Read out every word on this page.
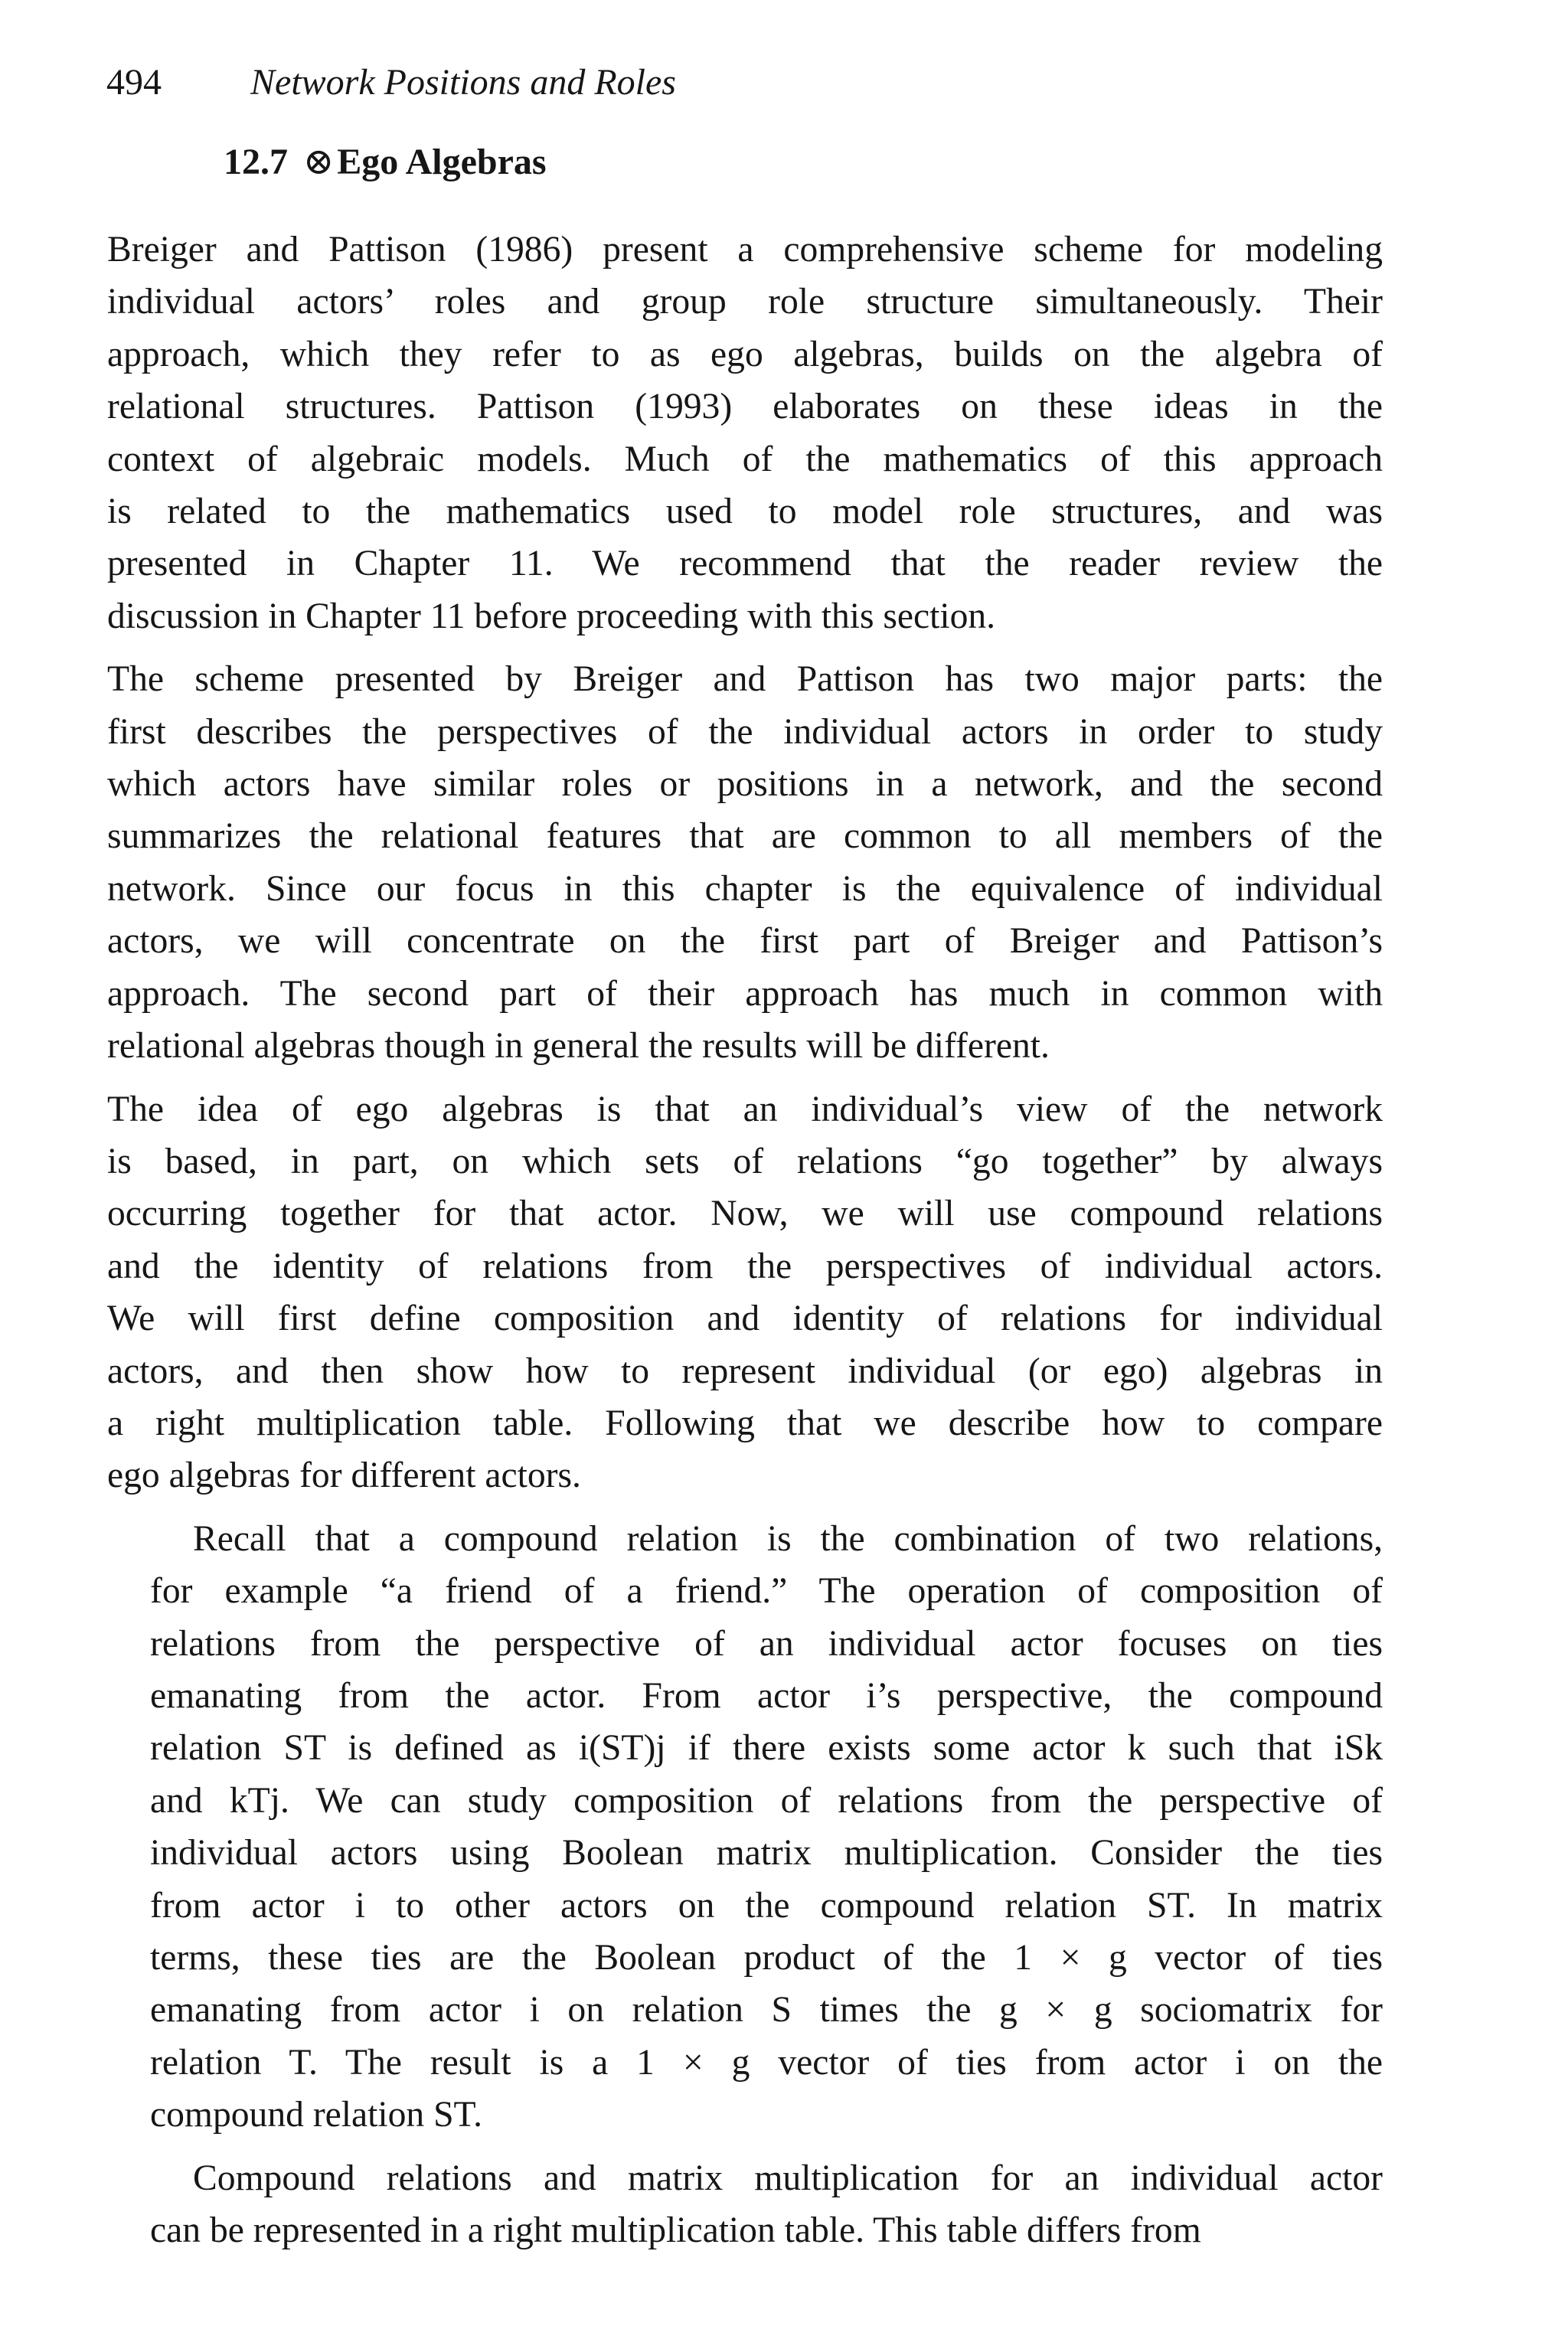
494 Network Positions and Roles
12.7 ⊗Ego Algebras

Breiger and Pattison (1986) present a comprehensive scheme for modeling
individual actors’ roles and group role structure simultaneously. Their
approach, which they refer to as ego algebras, builds on the algebra of
relational structures. Pattison (1993) elaborates on these ideas in the
context of algebraic models. Much of the mathematics of this approach
is related to the mathematics used to model role structures, and was
presented in Chapter 11. We recommend that the reader review the
discussion in Chapter 11 before proceeding with this section.

The scheme presented by Breiger and Pattison has two major parts: the
first describes the perspectives of the individual actors in order to study
which actors have similar roles or positions in a network, and the second
summarizes the relational features that are common to all members of the
network. Since our focus in this chapter is the equivalence of individual
actors, we will concentrate on the first part of Breiger and Pattison’s
approach. The second part of their approach has much in common with
relational algebras though in general the results will be different.

The idea of ego algebras is that an individual’s view of the network
is based, in part, on which sets of relations “go together” by always
occurring together for that actor. Now, we will use compound relations
and the identity of relations from the perspectives of individual actors.
We will first define composition and identity of relations for individual
actors, and then show how to represent individual (or ego) algebras in
a right multiplication table. Following that we describe how to compare
ego algebras for different actors.

Recall that a compound relation is the combination of two relations,
for example “a friend of a friend.” The operation of composition of
relations from the perspective of an individual actor focuses on ties
emanating from the actor. From actor i’s perspective, the compound
relation ST is defined as i(ST)j if there exists some actor k such that iSk
and kTj. We can study composition of relations from the perspective of
individual actors using Boolean matrix multiplication. Consider the ties
from actor i to other actors on the compound relation ST. In matrix
terms, these ties are the Boolean product of the 1 × g vector of ties
emanating from actor i on relation S times the g × g sociomatrix for
relation T. The result is a 1 × g vector of ties from actor i on the
compound relation ST.

Compound relations and matrix multiplication for an individual actor
can be represented in a right multiplication table. This table differs from
